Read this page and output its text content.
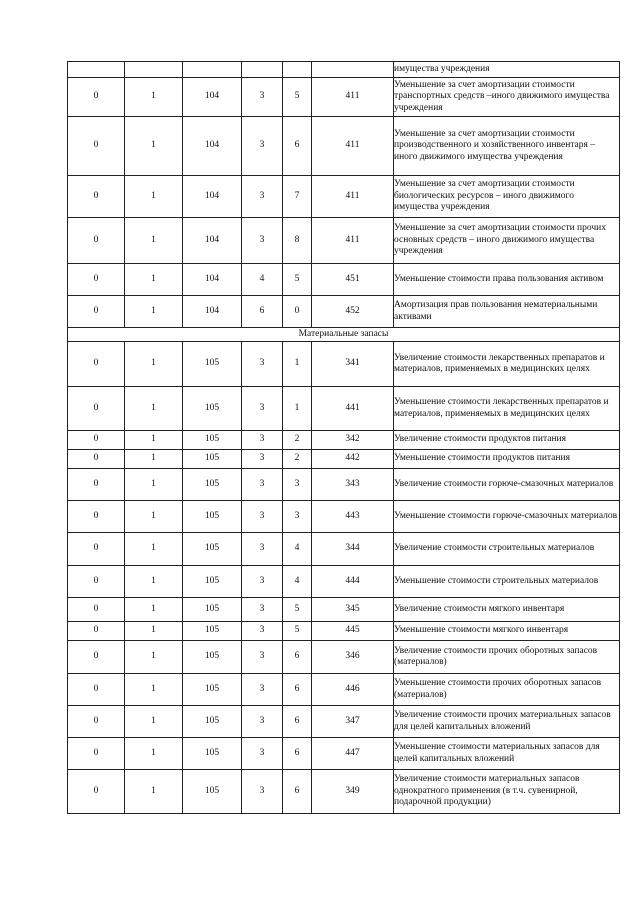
						имущества учреждения
0	1	104	3	5	411	Уменьшение за счет амортизации стоимости транспортных средств –иного движимого имущества учреждения
0	1	104	3	6	411	Уменьшение за счет амортизации стоимости производственного и хозяйственного инвентаря – иного движимого имущества учреждения
0	1	104	3	7	411	Уменьшение за счет амортизации стоимости биологических ресурсов – иного движимого имущества учреждения
0	1	104	3	8	411	Уменьшение за счет амортизации стоимости прочих основных средств – иного движимого имущества учреждения
0	1	104	4	5	451	Уменьшение стоимости права пользования активом
0	1	104	6	0	452	Амортизация прав пользования нематериальными активами
Материальные запасы						
0	1	105	3	1	341	Увеличение стоимости лекарственных препаратов и материалов, применяемых в медицинских целях
0	1	105	3	1	441	Уменьшение стоимости лекарственных препаратов и материалов, применяемых в медицинских целях
0	1	105	3	2	342	Увеличение стоимости продуктов питания
0	1	105	3	2	442	Уменьшение стоимости продуктов питания
0	1	105	3	3	343	Увеличение стоимости горюче-смазочных материалов
0	1	105	3	3	443	Уменьшение стоимости горюче-смазочных материалов
0	1	105	3	4	344	Увеличение стоимости строительных материалов
0	1	105	3	4	444	Уменьшение стоимости строительных материалов
0	1	105	3	5	345	Увеличение стоимости мягкого инвентаря
0	1	105	3	5	445	Уменьшение стоимости мягкого инвентаря
0	1	105	3	6	346	Увеличение стоимости прочих оборотных запасов (материалов)
0	1	105	3	6	446	Уменьшение стоимости прочих оборотных запасов (материалов)
0	1	105	3	6	347	Увеличение стоимости прочих материальных запасов для целей капитальных вложений
0	1	105	3	6	447	Уменьшение стоимости материальных запасов для целей капитальных вложений
0	1	105	3	6	349	Увеличение стоимости материальных запасов однократного применения (в т.ч. сувенирной, подарочной продукции)
